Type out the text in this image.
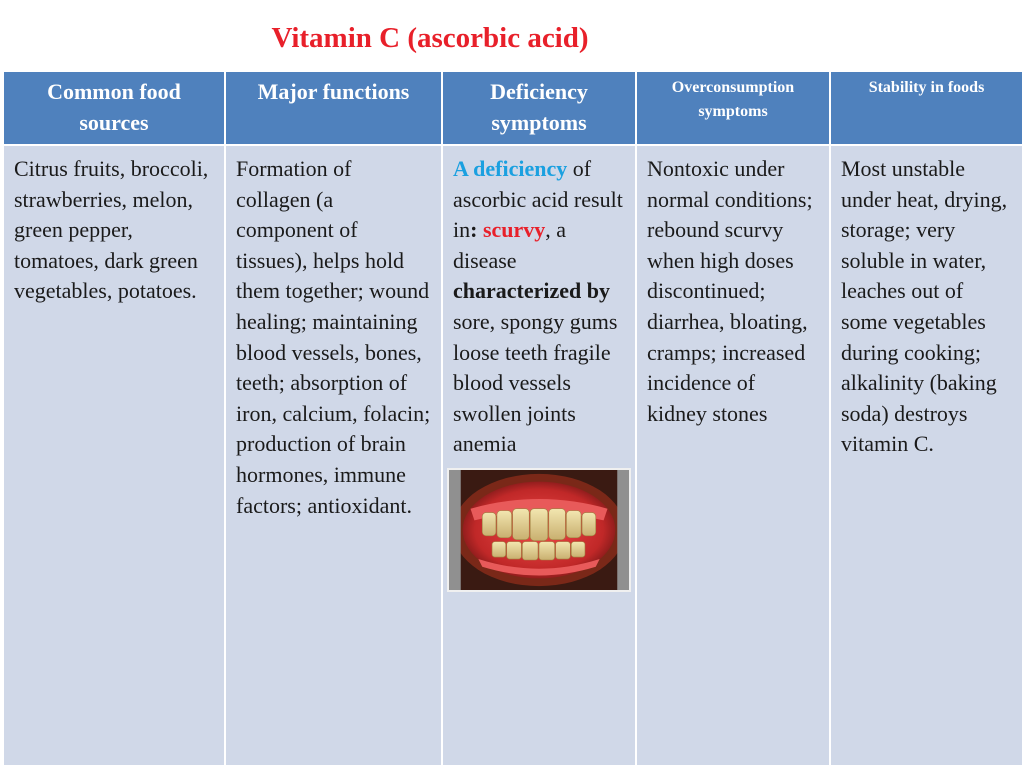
Vitamin C (ascorbic acid)
Common food sources	Major functions	Deficiency symptoms	Overconsumption symptoms	Stability in foods
Citrus fruits, broccoli, strawberries, melon, green pepper, tomatoes, dark green vegetables, potatoes.	Formation of collagen (a component of tissues), helps hold them together; wound healing; maintaining blood vessels, bones, teeth; absorption of iron, calcium, folacin; production of brain hormones, immune factors; antioxidant.	A deficiency of ascorbic acid result in: scurvy, a disease characterized by sore, spongy gums loose teeth fragile blood vessels swollen joints anemia	Nontoxic under normal conditions; rebound scurvy when high doses discontinued; diarrhea, bloating, cramps; increased incidence of kidney stones	Most unstable under heat, drying, storage; very soluble in water, leaches out of some vegetables during cooking; alkalinity (baking soda) destroys vitamin C.
